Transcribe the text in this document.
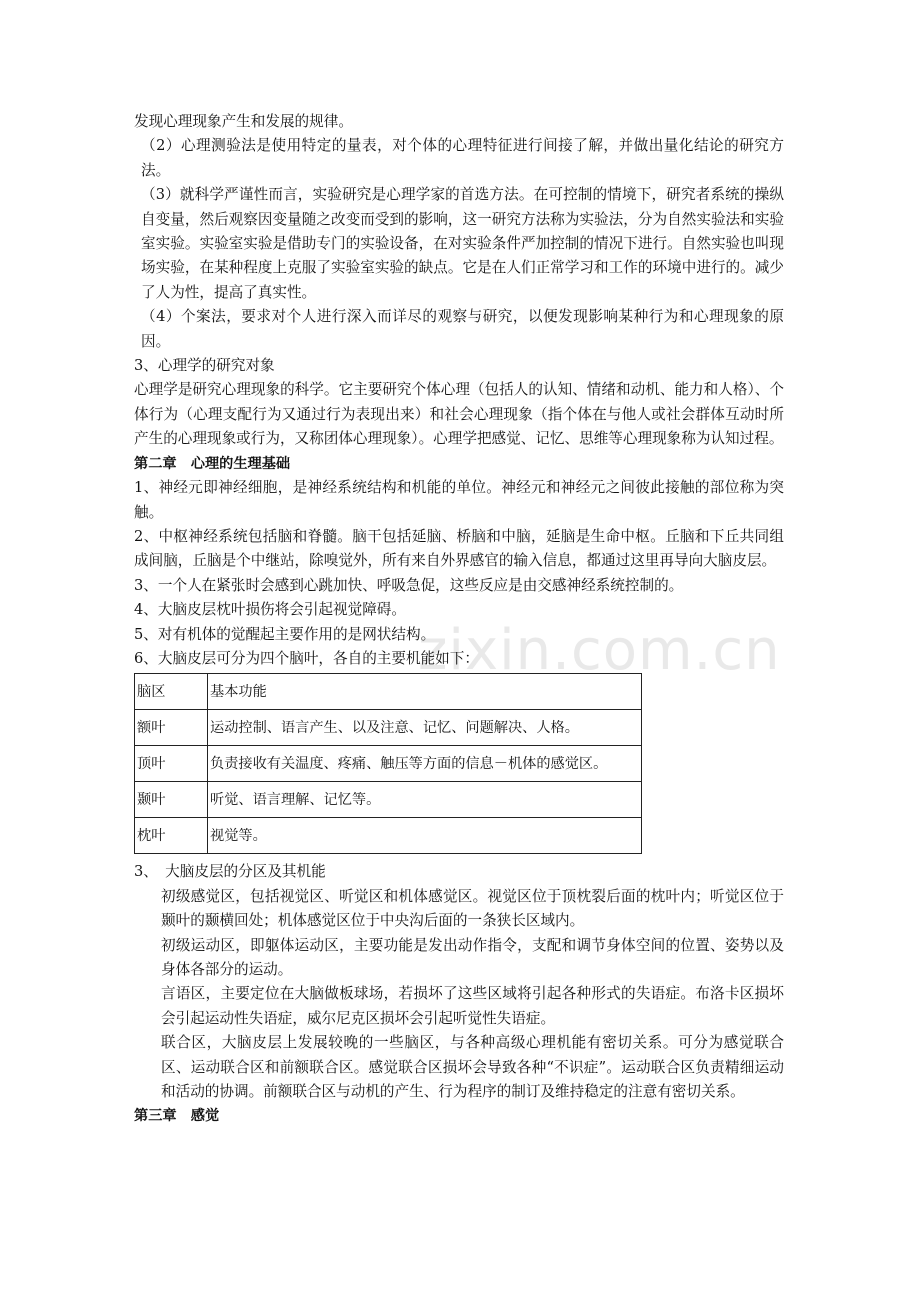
zixin.com.cn

发现心理现象产生和发展的规律。

（2）心理测验法是使用特定的量表，对个体的心理特征进行间接了解，并做出量化结论的研究方法。

（3）就科学严谨性而言，实验研究是心理学家的首选方法。在可控制的情境下，研究者系统的操纵自变量，然后观察因变量随之改变而受到的影响，这一研究方法称为实验法，分为自然实验法和实验室实验。实验室实验是借助专门的实验设备，在对实验条件严加控制的情况下进行。自然实验也叫现场实验，在某种程度上克服了实验室实验的缺点。它是在人们正常学习和工作的环境中进行的。减少了人为性，提高了真实性。

（4）个案法，要求对个人进行深入而详尽的观察与研究，以便发现影响某种行为和心理现象的原因。

3、心理学的研究对象

心理学是研究心理现象的科学。它主要研究个体心理（包括人的认知、情绪和动机、能力和人格）、个体行为（心理支配行为又通过行为表现出来）和社会心理现象（指个体在与他人或社会群体互动时所产生的心理现象或行为，又称团体心理现象）。心理学把感觉、记忆、思维等心理现象称为认知过程。

第二章　心理的生理基础

1、神经元即神经细胞，是神经系统结构和机能的单位。神经元和神经元之间彼此接触的部位称为突触。

2、中枢神经系统包括脑和脊髓。脑干包括延脑、桥脑和中脑，延脑是生命中枢。丘脑和下丘共同组成间脑，丘脑是个中继站，除嗅觉外，所有来自外界感官的输入信息，都通过这里再导向大脑皮层。

3、一个人在紧张时会感到心跳加快、呼吸急促，这些反应是由交感神经系统控制的。

4、大脑皮层枕叶损伤将会引起视觉障碍。

5、对有机体的觉醒起主要作用的是网状结构。

6、大脑皮层可分为四个脑叶，各自的主要机能如下：

脑区	基本功能
额叶	运动控制、语言产生、以及注意、记忆、问题解决、人格。
顶叶	负责接收有关温度、疼痛、触压等方面的信息－机体的感觉区。
颞叶	听觉、语言理解、记忆等。
枕叶	视觉等。

3、　大脑皮层的分区及其机能

初级感觉区，包括视觉区、听觉区和机体感觉区。视觉区位于顶枕裂后面的枕叶内；听觉区位于颞叶的颞横回处；机体感觉区位于中央沟后面的一条狭长区域内。

初级运动区，即躯体运动区，主要功能是发出动作指令，支配和调节身体空间的位置、姿势以及身体各部分的运动。

言语区，主要定位在大脑做板球场，若损坏了这些区域将引起各种形式的失语症。布洛卡区损坏会引起运动性失语症，威尔尼克区损坏会引起听觉性失语症。

联合区，大脑皮层上发展较晚的一些脑区，与各种高级心理机能有密切关系。可分为感觉联合区、运动联合区和前额联合区。感觉联合区损坏会导致各种“不识症”。运动联合区负责精细运动和活动的协调。前额联合区与动机的产生、行为程序的制订及维持稳定的注意有密切关系。

第三章　感觉
